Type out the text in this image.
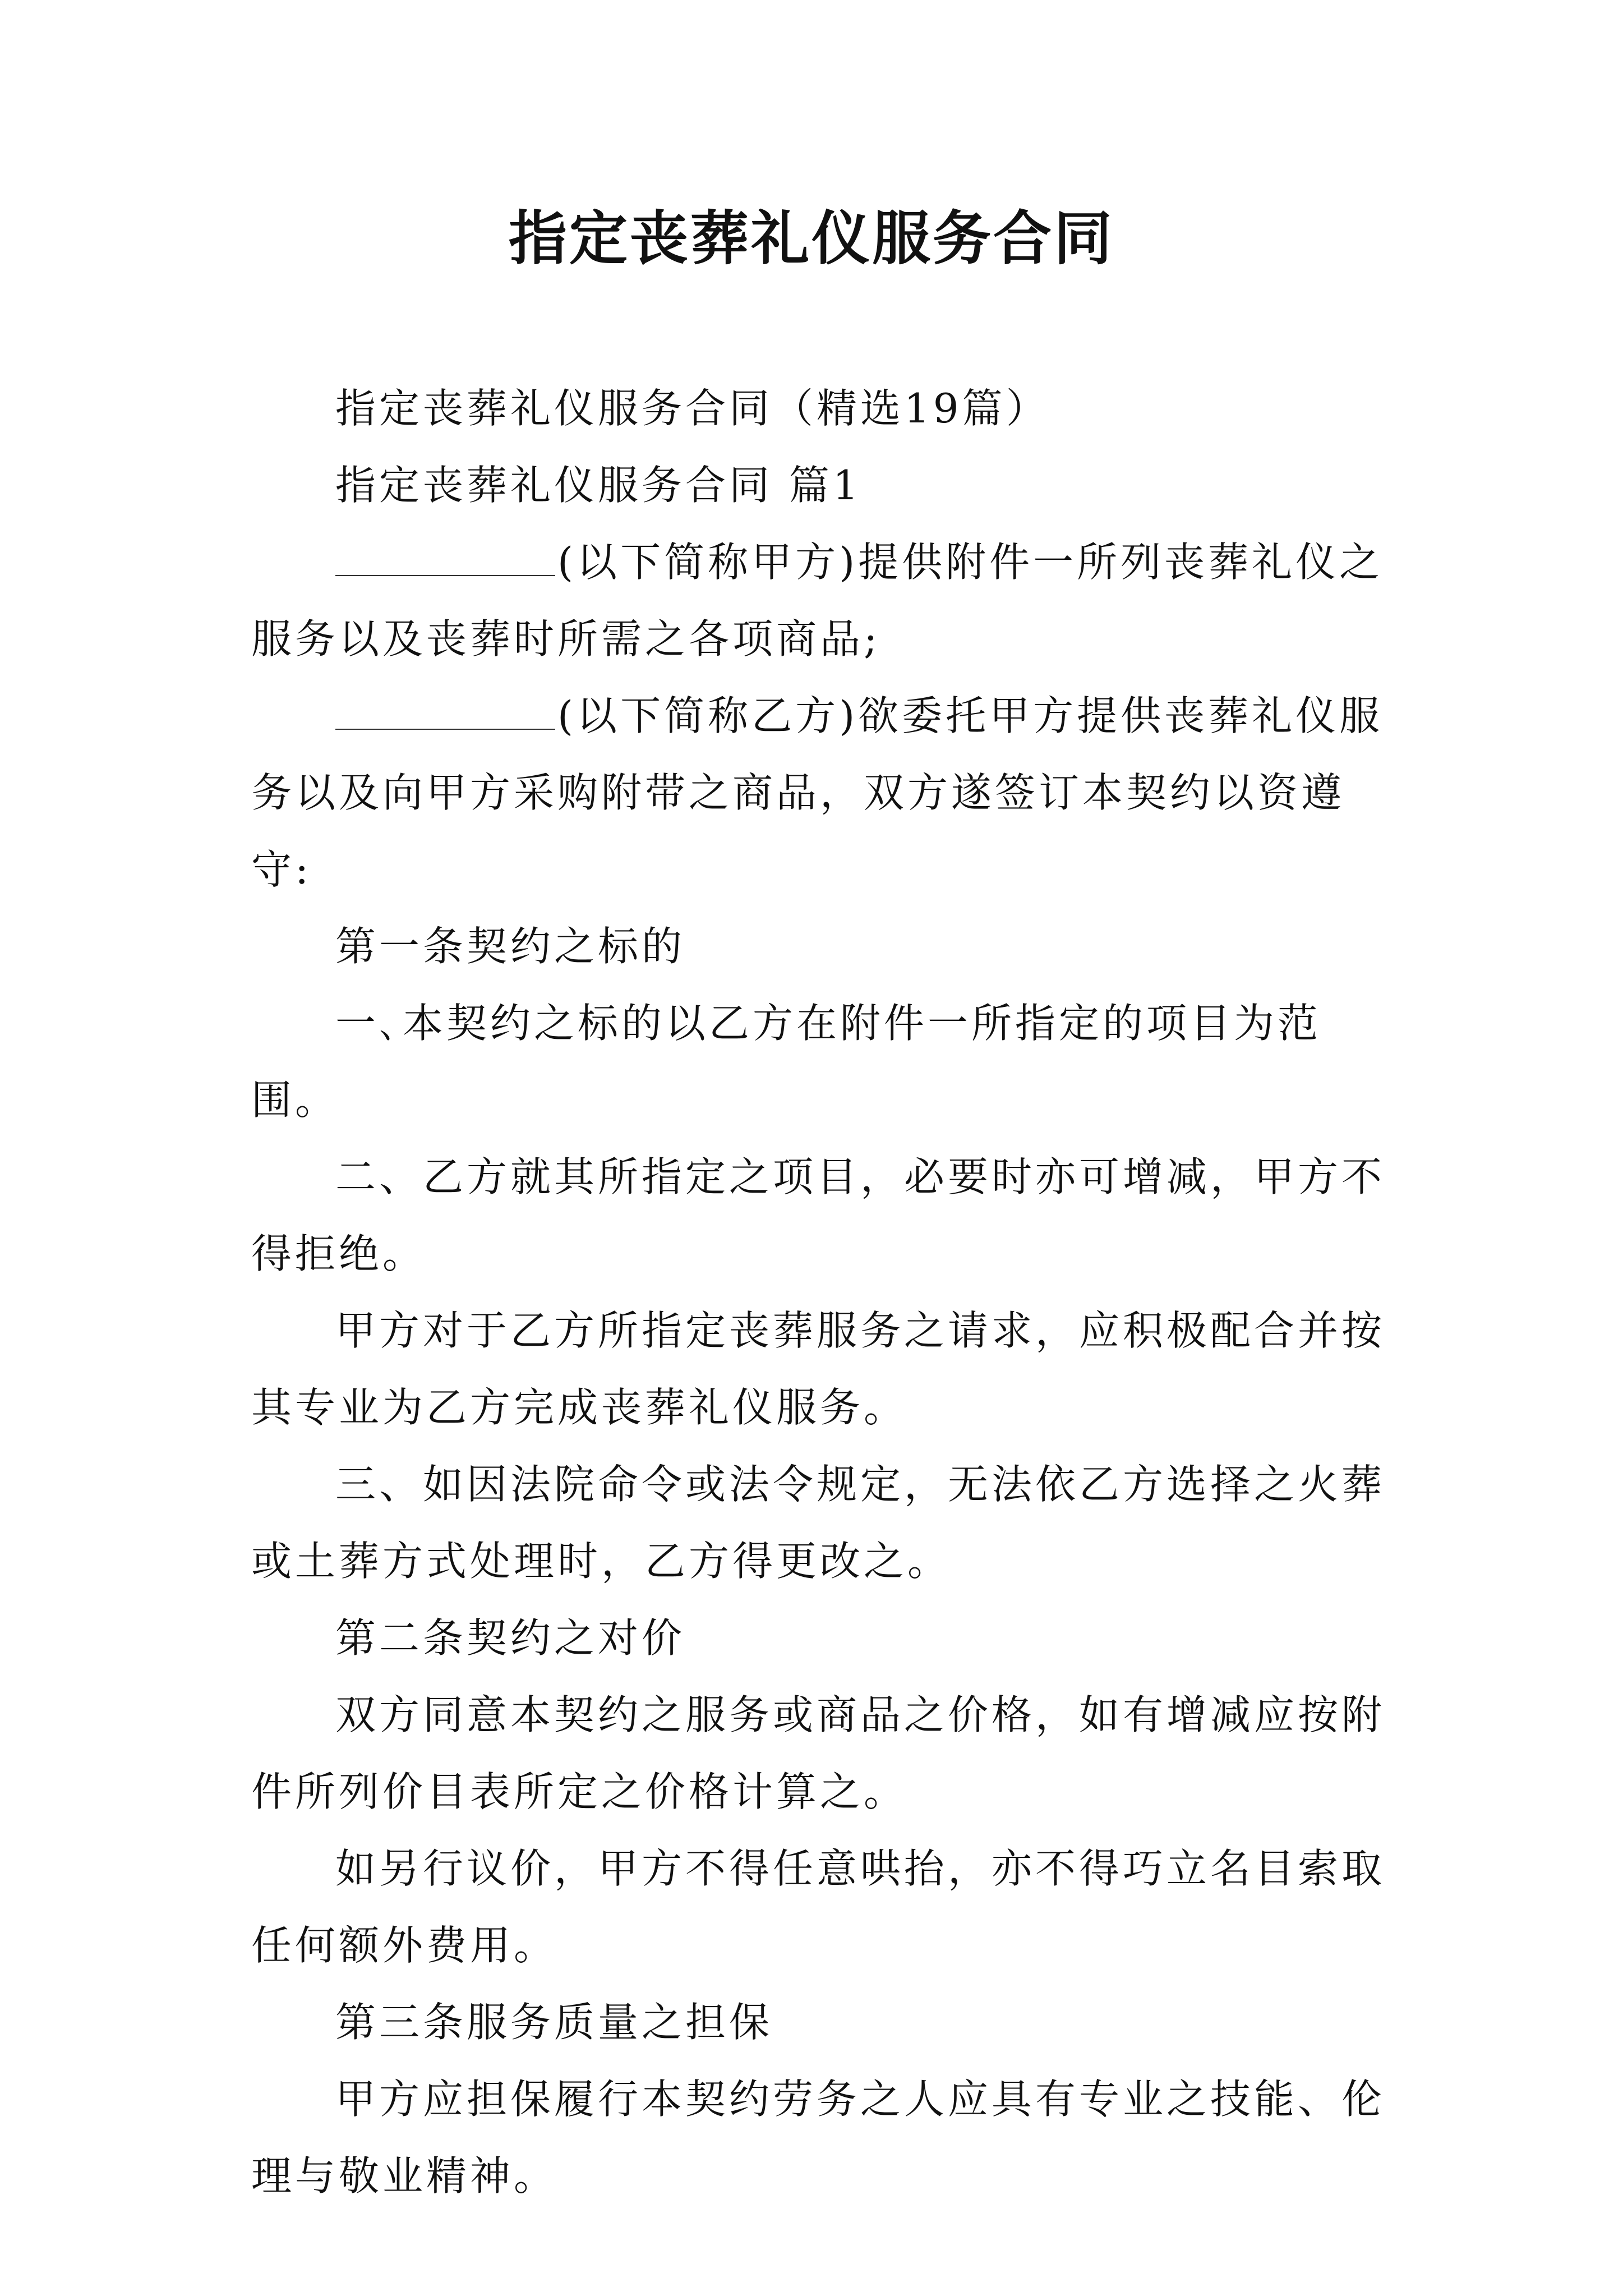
指定丧葬礼仪服务合同

指定丧葬礼仪服务合同（精选19篇）

指定丧葬礼仪服务合同 篇1

(以下简称甲方)提供附件一所列丧葬礼仪之服务以及丧葬时所需之各项商品;

(以下简称乙方)欲委托甲方提供丧葬礼仪服务以及向甲方采购附带之商品，双方遂签订本契约以资遵守:

第一条契约之标的

一､本契约之标的以乙方在附件一所指定的项目为范围。

二、乙方就其所指定之项目，必要时亦可增减，甲方不得拒绝。

甲方对于乙方所指定丧葬服务之请求，应积极配合并按其专业为乙方完成丧葬礼仪服务。

三、如因法院命令或法令规定，无法依乙方选择之火葬或土葬方式处理时，乙方得更改之。

第二条契约之对价

双方同意本契约之服务或商品之价格，如有增减应按附件所列价目表所定之价格计算之。

如另行议价，甲方不得任意哄抬，亦不得巧立名目索取任何额外费用。

第三条服务质量之担保

甲方应担保履行本契约劳务之人应具有专业之技能、伦理与敬业精神。
